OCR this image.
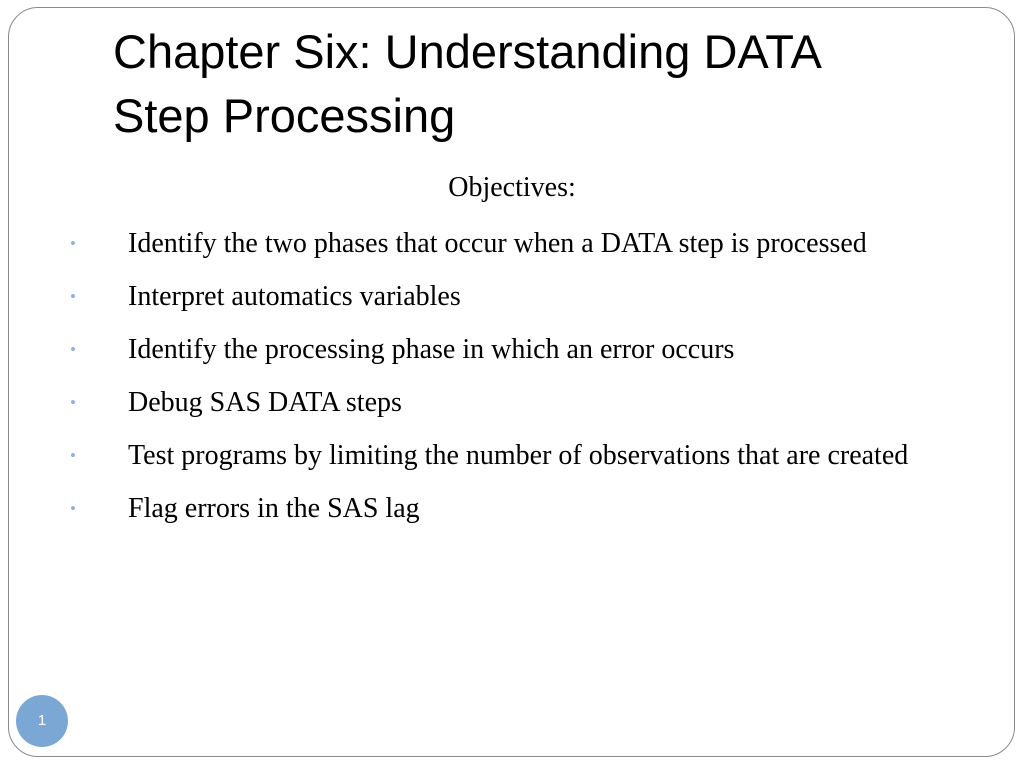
Chapter Six: Understanding DATA
Step Processing
Objectives:
• Identify the two phases that occur when a DATA step is processed
• Interpret automatics variables
• Identify the processing phase in which an error occurs
• Debug SAS DATA steps
• Test programs by limiting the number of observations that are created
• Flag errors in the SAS lag
1
